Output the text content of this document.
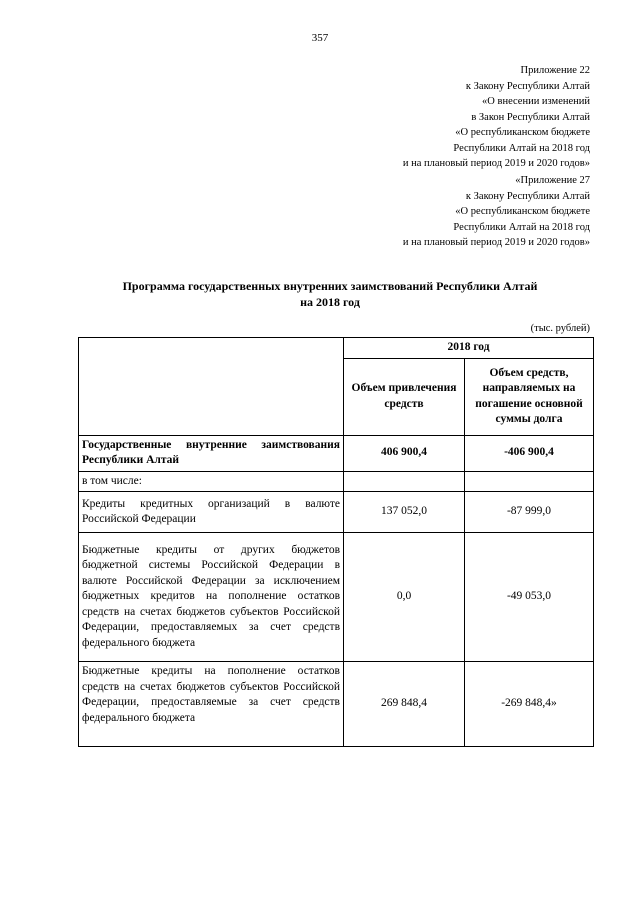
357
Приложение 22
к Закону Республики Алтай
«О внесении изменений
в Закон Республики Алтай
«О республиканском бюджете
Республики Алтай на 2018 год
и на плановый период 2019 и 2020 годов»
«Приложение 27
к Закону Республики Алтай
«О республиканском бюджете
Республики Алтай на 2018 год
и на плановый период 2019 и 2020 годов»
Программа государственных внутренних заимствований Республики Алтай
на 2018 год
(тыс. рублей)
	2018 год	
	Объем привлечения средств	Объем средств, направляемых на погашение основной суммы долга
Государственные внутренние заимствования Республики Алтай	406 900,4	-406 900,4
в том числе:		
Кредиты кредитных организаций в валюте Российской Федерации	137 052,0	-87 999,0
Бюджетные кредиты от других бюджетов бюджетной системы Российской Федерации в валюте Российской Федерации за исключением бюджетных кредитов на пополнение остатков средств на счетах бюджетов субъектов Российской Федерации, предоставляемых за счет средств федерального бюджета	0,0	-49 053,0
Бюджетные кредиты на пополнение остатков средств на счетах бюджетов субъектов Российской Федерации, предоставляемые за счет средств федерального бюджета	269 848,4	-269 848,4»
